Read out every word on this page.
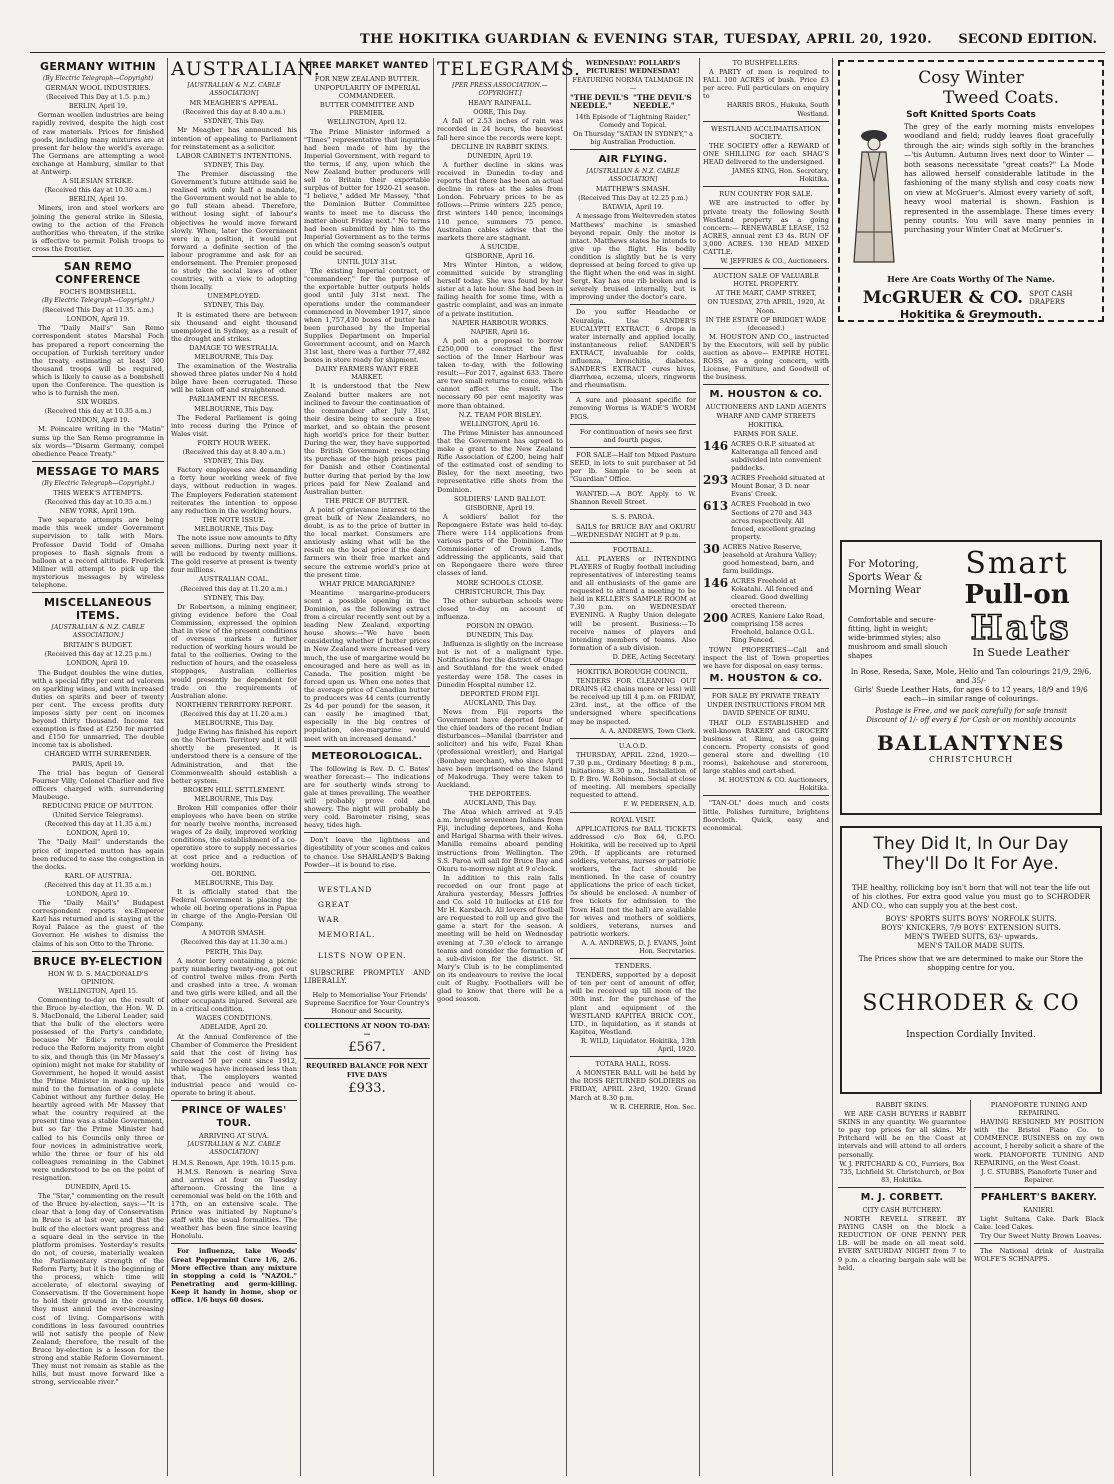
THE HOKITIKA GUARDIAN & EVENING STAR, TUESDAY, APRIL 20, 1920. SECOND EDITION.
GERMANY WITHIN
(By Electric Telegraph—Copyright)
GERMAN WOOL INDUSTRIES.
(Received This Day at 1.5. p.m.)
BERLIN, April 19.

German woollen industries are being rapidly revived, despite the high cost of raw materials. Prices for finished goods, including many mixtures are at present far below the world's average. The Germans are attempting a wool exchange at Hamburg, similar to that at Antwerp.

A SILESIAN STRIKE.
(Received this day at 10.30 a.m.)
BERLIN, April 19.

Miners, iron and steel workers are joining the general strike in Silesia, owing to the action of the French authorities who threaten, if the strike is effective to permit Polish troops to cross the frontier.

SAN REMO CONFERENCE
FOCH'S BOMBSHELL.
(By Electric Telegraph—Copyright.)
(Received This Day at 11.35. a.m.)
LONDON, April 19.

The "Daily Mail's" San Remo correspondent states Marshal Foch has prepared a report concerning the occupation of Turkish territory under the treaty, estimating at least 300 thousand troops will be required, which is likely to cause as a bombshell upon the Conference. The question is who is to furnish the men.

SIX WORDS.
(Received this day at 10.35 a.m.)
LONDON, April 19.

M. Poincaire writing in the "Matin" sums up the San Remo programme in six words—"Disarm Germany, compel obedience Peace Treaty."

MESSAGE TO MARS
(By Electric Telegraph—Copyright.)
THIS WEEK'S ATTEMPTS.
(Received this day at 10.35 a.m.)
NEW YORK, April 19th.

Two separate attempts are being made this week under Government supervision to talk with Mars. Professor David Todd of Omaha proposes to flash signals from a balloon at a record altitude. Frederick Millner will attempt to pick up the mysterious messages by wireless telephone.

MISCELLANEOUS ITEMS.
[AUSTRALIAN & N.Z. CABLE ASSOCIATION.]
BRITAIN'S BUDGET.
(Received this day at 12.25 p.m.)
LONDON, April 19.

The Budget doubles the wine duties, with a special fifty per cent ad valorem on sparkling wines, and with increased duties on spirits and beer of twenty per cent. The excess profits duty imposes sixty per cent on incomes beyond thirty thousand. Income tax exemption is fixed at £250 for married and £150 for unmarried. The double income tax is abolished.

CHARGED WITH SURRENDER.
PARIS, April 19.

The trial has begun of General Fourner Villy, Colonel Charlier and five officers charged with surrendering Maubeuge.

REDUCING PRICE OF MUTTON.
(United Service Telegrams).
(Received this day at 11.35 a.m.)
LONDON, April 19.

The "Daily Mail" understands the price of imported mutton has again been reduced to ease the congestion in the docks.

KARL OF AUSTRIA.
(Received this day at 11.35 a.m.)
LONDON, April 19.

The "Daily Mail's" Budapest correspondent reports ex-Emperor Karl has returned and is staying at the Royal Palace as the guest of the Governor. He wishes to dismiss the claims of his son Otto to the Throne.

BRUCE BY-ELECTION
HON W. D. S. MACDONALD'S OPINION.
WELLINGTON, April 15.

Commenting to-day on the result of the Bruce by-election, the Hon. W. D. S. MacDonald, the Liberal Leader, said that the bulk of the electors were possessed of the Party's candidate, because Mr Edie's return would reduce the Reform majority from eight to six, and though this (in Mr Massey's opinion) might not make for stability of Government, he hoped it would assist the Prime Minister in making up his mind to the formation of a complete Cabinet without any further delay. He heartily agreed with Mr Massey that what the country required at the present time was a stable Government, but so far the Prime Minister had called to his Councils only three or four novices in administrative work, while the three or four of his old colleagues remaining in the Cabinet were understood to be on the point of resignation.

DUNEDIN, April 15.

The "Star," commenting on the result of the Bruce by-election, says:—"It is clear that a long day of Conservatism in Bruce is at last over, and that the bulk of the electors want progress and a square deal in the service in the platform promises. Yesterday's results do not, of course, materially weaken the Parliamentary strength of the Reform Party, but it is the beginning of the process, which time will accelerate, of electoral swaying of Conservatism. If the Government hope to hold their ground in the country, they must annul the ever-increasing cost of living. Comparisons with conditions in less favoured countries will not satisfy the people of New Zealand; therefore, the result of the Bruce by-election is a lesson for the strong and stable Reform Government. They must not remain as stable as the hills, but must move forward like a strong, serviceable river."

AUSTRALIAN.
[AUSTRALIAN & N.Z. CABLE ASSOCIATION]
MR MEAGHER'S APPEAL.
(Received this day at 8.40 a.m.)
SYDNEY, This Day.

Mr Meagher has announced his intention of appealing to Parliament for reinstatement as a solicitor.

LABOR CABINET'S INTENTIONS.
SYDNEY, This Day.

The Premier discussing the Government's future attitude said he realised with only half a mandate, the Government would not be able to go full steam ahead. Therefore, without losing sight of labour's objectives he would move forward slowly. When, later the Government were in a position, it would put forward a definite section of the labour programme and ask for an endorsement. The Premier proposed to study the social laws of other countries, with a view to adopting them locally.

UNEMPLOYED.
SYDNEY, This Day.

It is estimated there are between six thousand and eight thousand unemployed in Sydney, as a result of the drought and strikes.

DAMAGE TO WESTRALIA.
MELBOURNE, This Day.

The examination of the Westralia showed three plates under No 4 hold bilge have been corrugated. These will be taken off and straightened.

PARLIAMENT IN RECESS.
MELBOURNE, This Day.

The Federal Parliament is going into recess during the Prince of Wales visit.

FORTY HOUR WEEK.
(Received this day at 8.40 a.m.)
SYDNEY, This Day.

Factory employees are demanding a forty hour working week of five days, without reduction in wages. The Employers Federation statement reiterates the intention to oppose any reduction in the working hours.

THE NOTE ISSUE.
MELBOURNE, This Day.

The note issue now amounts to fifty seven millions. During next year it will be reduced by twenty millions. The gold reserve at present is twenty four millions.

AUSTRALIAN COAL.
(Received this day at 11.20 a.m.)
SYDNEY, This Day.

Dr Robertson, a mining engineer, giving evidence before the Coal Commission, expressed the opinion that in view of the present conditions of overseas markets a further reduction of working hours would be fatal to the collieries. Owing to the reduction of hours, and the ceaseless stoppages, Australian collieries would presently be dependent for trade on the requirements of Australian alone.

NORTHERN TERRITORY REPORT.
(Received this day at 11.20 a.m.)
MELBOURNE, This Day.

Judge Ewing has finished his report on the Northern Territory and it will shortly be presented. It is understood there is a censure of the Administration, and that the Commonwealth should establish a better system.

BROKEN HILL SETTLEMENT.
MELBOURNE, This Day.

Broken Hill companies offer their employees who have been on strike for nearly twelve months, increased wages of 2s daily, improved working conditions, the establishment of a co-operative store to supply necessaries at cost price and a reduction of working hours.

OIL BORING.
MELBOURNE, This Day.

It is officially stated that the Federal Government is placing the whole oil boring operations in Papua in charge of the Anglo-Persian Oil Company.

A MOTOR SMASH.
(Received this day at 11.30 a.m.)
PERTH, This Day.

A motor lorry containing a picnic party numbering twenty-one, got out of control twelve miles from Perth and crashed into a tree. A woman and two girls were killed, and all the other occupants injured. Several are in a critical condition.

WAGES CONDITIONS.
ADELAIDE, April 20.

At the Annual Conference of the Chamber of Commerce the President said that the cost of living has increased 50 per cent since 1912, while wages have increased less than that. The employers wanted industrial peace and would co-operate to bring it about.

PRINCE OF WALES' TOUR.
ARRIVING AT SUVA.
[AUSTRALIAN & N.Z. CABLE ASSOCIATION]
H.M.S. Renown, Apr. 19th. 10.15 p.m.

H.M.S. Renown is nearing Suva and arrives at four on Tuesday afternoon. Crossing the line a ceremonial was held on the 16th and 17th, on an extensive scale. The Prince was initiated by Neptune's staff with the usual formalities. The weather has been fine since leaving Honolulu.

For influenza, take Woods' Great Peppermint Cure 1/6, 2/6. More effective than any mixture in stopping a cold is "NAZOL." Penetrating and germ-killing. Keep it handy in home, shop or office. 1/6 buys 60 doses.

FREE MARKET WANTED
FOR NEW ZEALAND BUTTER.
UNPOPULARITY OF IMPERIAL COMMANDEER.
BUTTER COMMITTEE AND PREMIER.
WELLINGTON, April 12.

The Prime Minister informed a "Times" representative that inquiries had been made of him by the Imperial Government, with regard to the terms, if any, upon which the New Zealand butter producers will sell to Britain their exportable surplus of butter for 1920-21 season. "I believe," added Mr Massey, "that the Dominion Butter Committee wants to meet me to discuss the matter about Friday next." No terms had been submitted by him to the Imperial Government as to the terms on which the coming season's output could be secured.

UNTIL JULY 31st.

The existing Imperial contract, or "commandeer," for the purpose of the exportable butter outputs holds good until July 31st next. The operations under the commandeer commenced in November 1917, since when 1,757,430 boxes of butter has been purchased by the Imperial Supplies Department on Imperial Government account, and on March 31st last, there was a further 77,482 boxes in store ready for shipment.

DAIRY FARMERS WANT FREE MARKET.

It is understood that the New Zealand butter makers are not inclined to favour the continuation of the commandeer after July 31st, their desire being to secure a free market, and so obtain the present high world's price for their butter. During the war, they have supported the British Government respecting its purchase of the high prices paid for Danish and other Continental butter during that period by the low prices paid for New Zealand and Australian butter.

THE PRICE OF BUTTER.

A point of grievance interest to the great bulk of New Zealanders, no doubt, is as to the price of butter in the local market. Consumers are anxiously asking what will be the result on the local price if the dairy farmers win their free market and secure the extreme world's price at the present time.

WHAT PRICE MARGARINE?

Meantime margarine-producers scent a possible opening in the Dominion, as the following extract from a circular recently sent out by a leading New Zealand exporting house shows:—"We have been considering whether if butter prices in New Zealand were increased very much, the use of margarine would be encouraged and here as well as in Canada. The position might be forced upon us. When one notes that the average price of Canadian butter to producers was 44 cents (currently 2s 4d per pound) for the season, it can easily be imagined that, especially in the big centres of population, oleo-margarine would meet with an increased demand."

METEOROLOGICAL.

The following is Rev. D. C. Bates' weather forecast:— The indications are for southerly winds strong to gale at times prevailing. The weather will probably prove cold and showery. The night will probably be very cold. Barometer rising, seas heavy, tides high.

Don't leave the lightness and digestibility of your scones and cakes to chance. Use SHARLAND'S Baking Powder—it is bound to rise.

WESTLAND
GREAT
WAR
MEMORIAL.
LISTS NOW OPEN.

SUBSCRIBE PROMPTLY AND LIBERALLY.

Help to Memorialise Your Friends' Supreme Sacrifice for Your Country's Honour and Security.

COLLECTIONS AT NOON TO-DAY:—
£567.
REQUIRED BALANCE FOR NEXT FIVE DAYS
£933.
TELEGRAMS.
[PER PRESS ASSOCIATION.—COPYRIGHT.]
HEAVY RAINFALL.
OORE, This Day.

A fall of 2.53 inches of rain was recorded in 24 hours, the heaviest fall here since the records were kept.

DECLINE IN RABBIT SKINS.
DUNEDIN, April 19.

A further decline in skins was received in Dunedin to-day and reports that there has been an actual decline in rates at the sales from London. February prices to be as follows:—Prime winters 225 pence, first winters 140 pence, incomings 110 pence, summers 75 pence. Australian cables advise that the markets there are stagnant.

A SUICIDE.
GISBORNE, April 16.

Mrs Winter Hinton, a widow, committed suicide by strangling herself today. She was found by her sister at a late hour. She had been in failing health for some time, with a gastric complaint, and was an inmate of a private institution.

NAPIER HARBOUR WORKS.
NAPIER, April 16.

A poll on a proposal to borrow £250,000 to construct the first section of the Inner Harbour was taken to-day, with the following result:—For 2017, against 633. There are two small returns to come, which cannot affect the result. The necessary 60 per cent majority was more than obtained.

N.Z. TEAM FOR BISLEY.
WELLINGTON, April 16.

The Prime Minister has announced that the Government has agreed to make a grant to the New Zealand Rifle Association of £200, being half of the estimated cost of sending to Bisley, for the next meeting, two representative rifle shots from the Dominion.

SOLDIERS' LAND BALLOT.
GISBORNE, April 19.

A soldiers' ballot for the Repongaere Estate was held to-day. There were 114 applications from various parts of the Dominion. The Commissioner of Crown Lands, addressing the applicants, said that on Repongaere there were three classes of land.

MORE SCHOOLS CLOSE.
CHRISTCHURCH, This Day.

The other suburban schools were closed to-day on account of influenza.

POISON IN OPAGO.
DUNEDIN, This Day.

Influenza is slightly on the increase but is not of a malignant type. Notifications for the district of Otago and Southland for the week ended yesterday were 158. The cases in Dunedin Hospital number 12.

DEPORTED FROM FIJI.
AUCKLAND, This Day.

News from Fiji reports the Government have deported four of the chief leaders of the recent Indian disturbances—Manilal (barrister and solicitor) and his wife, Fazal Khan (professional wrestler), and Harigal (Bombay merchant), who since April have been imprisoned on the Island of Makodruga. They were taken to Auckland.

THE DEPORTEES.
AUCKLAND, This Day.

The Atua which arrived at 9.45 a.m. brought seventeen Indians from Fiji, including deportees, and Koha and Harigal Sharma with their wives. Manilla remains aboard pending instructions from Wellington. The S.S. Paroa will sail for Bruce Bay and Okuru to-morrow night at 9 o'clock.

In addition to this rain falls recorded on our front page at Arahura yesterday, Messrs Jeffries and Co. sold 10 bullocks at £16 for Mr H. Karsbach. All lovers of football are requested to roll up and give the game a start for the season. A meeting will be held on Wednesday evening at 7.30 o'clock to arrange teams and consider the formation of a sub-division for the district. St. Mary's Club is to be complimented on its endeavours to revive the local cult of Rugby. Footballers will be glad to know that there will be a good season.

WEDNESDAY! POLLARD'S PICTURES! WEDNESDAY!
FEATURING NORMA TALMADGE IN—
"THE DEVIL'S NEEDLE."
"THE DEVIL'S NEEDLE."
14th Episode of "Lightning Raider," Comedy and Topical.
On Thursday "SATAN IN SYDNEY," a big Australian Production.
AIR FLYING.
[AUSTRALIAN & N.Z. CABLE ASSOCIATION]
MATTHEW'S SMASH.
(Received This Day at 12.25 p.m.)
BATAVIA, April 19.

A message from Weltevreden states Matthews' machine is smashed beyond repair. Only the motor is intact. Matthews states he intends to give up the flight. His bodily condition is slightly but he is very depressed at being forced to give up the flight when the end was in sight. Sergt. Kay has one rib broken and is severely bruised internally, but is improving under the doctor's care.

Do you suffer Headache or Neuralgia. Use SANDER'S EUCALYPTI EXTRACT. 6 drops in water internally and applied locally, instantaneous relief. SANDER'S EXTRACT, invaluable for colds, influenza, bronchitis, diabetes. SANDER'S EXTRACT cures hives, diarrhœa, eczema, ulcers, ringworm and rheumatism.

A sure and pleasant specific for removing Worms is WADE'S WORM FIGS.

For continuation of news see first and fourth pages.

FOR SALE—Half ton Mixed Pasture SEED, in lots to suit purchaser at 5d per lb. Sample to be seen at "Guardian" Office.

WANTED.—A BOY. Apply to W. Shannon Revell Street.

S. S. PAROA.

SAILS for BRUCE BAY and OKURU—WEDNESDAY NIGHT at 9 p.m.

FOOTBALL.

ALL PLAYERS or INTENDING PLAYERS of Rugby football including representatives of interesting teams and all enthusiasts of the game are requested to attend a meeting to be held in KELLER'S SAMPLE ROOM at 7.30 p.m. on WEDNESDAY EVENING. A Rugby Union delegate will be present. Business:—To receive names of players and intending members of teams. Also formation of a sub division.

D. DEE, Acting Secretary.
HOKITIKA BOROUGH COUNCIL.

TENDERS FOR CLEANING OUT DRAINS (42 chains more or less) will be received up till 4 p.m. on FRIDAY, 23rd. inst., at the office of the undersigned where specifications may be inspected.

A. A. ANDREWS, Town Clerk.
U.A.O.D.

THURSDAY, APRIL 22nd, 1920:—7.30 p.m., Ordinary Meeting; 8 p.m., Initiations; 8.30 p.m., Installation of D. P. Bro. W. Robinson. Social at close of meeting. All members specially requested to attend.

F. W. PEDERSEN, A.D.
ROYAL VISIT.

APPLICATIONS for BALL TICKETS addressed c/o Box 64, G.P.O. Hokitika, will be received up to April 29th. If applicants are returned soldiers, veterans, nurses or patriotic workers, the fact should be mentioned. In the case of country applications the price of each ticket, 5s should be enclosed. A number of free tickets for admission to the Town Hall (not the ball) are available for wives and mothers of soldiers, soldiers, veterans, nurses and patriotic workers.

A. A. ANDREWS, D. J. EVANS, Joint Hon. Secretaries.
TENDERS.

TENDERS, supported by a deposit of ten per cent of amount of offer, will be received up till noon of the 30th inst. for the purchase of the plant and equipment of the WESTLAND KAPITEA BRICK COY., LTD., in liquidation, as it stands at Kapitea, Westland.

R. WILD, Liquidator. Hokitika, 13th April, 1920.
TOTARA HALL, ROSS.

A MONSTER BALL will be held by the ROSS RETURNED SOLDIERS on FRIDAY, APRIL 23rd, 1920. Grand March at 8.30 p.m.

W. R. CHERRIE, Hon. Sec.
TO BUSHFELLERS.

A PARTY of men is required to FALL 100 ACRES of bush. Price £3 per acre. Full particulars on enquiry to

HARRIS BROS., Hukuka, South Westland.
WESTLAND ACCLIMATISATION SOCIETY.

THE SOCIETY offer a REWARD of ONE SHILLING for each SHAG'S HEAD delivered to the undersigned.

JAMES KING, Hon. Secretary, Hokitika.
RUN COUNTRY FOR SALE.

WE are instructed to offer by private treaty the following South Westland property as a going concern:— RENEWABLE LEASE, 152 ACRES, annual rent £3 4s. RUN OF 3,000 ACRES. 130 HEAD MIXED CATTLE.

W. JEFFRIES & CO., Auctioneers.
AUCTION SALE OF VALUABLE HOTEL PROPERTY.
AT THE MART, CAMP STREET,
ON TUESDAY, 27th APRIL, 1920, At Noon.
IN THE ESTATE OF BRIDGET WADE (deceased.)

M. HOUSTON AND CO., instructed by the Executors, will sell by public auction as above— EMPIRE HOTEL ROSS, as a going concern, with License, Furniture, and Goodwill of the business.

M. HOUSTON & CO.
AUCTIONEERS AND LAND AGENTS
WHARF AND CAMP STREETS HOKITIKA.
FARMS FOR SALE.
146 ACRES O.R.P. situated at Kaiteranga all fenced and subdivided into convenient paddocks.
293 ACRES Freehold situated at Mount Bonar, 3 D. near Evans' Creek.
613 ACRES Freehold in two Sections of 270 and 343 acres respectively. All fenced, excellent grazing property.
30 ACRES Native Reserve, leasehold at Arahura Valley; good homestead, barn, and farm buildings.
146 ACRES Freehold at Kokatahi. All fenced and cleared. Good dwelling erected thereon.
200 ACRES, Kaniere Lake Road, comprising 158 acres Freehold, balance O.G.L. Ring Fenced.

TOWN PROPERTIES—Call and inspect the list of Town properties we have for disposal on easy terms.

M. HOUSTON & CO.
FOR SALE BY PRIVATE TREATY
UNDER INSTRUCTIONS FROM MR DAVID SPENCE OF RIMU.

THAT OLD ESTABLISHED and well-known BAKERY and GROCERY business at Rimu, as a going concern. Property consists of good general store and dwelling (10 rooms), bakehouse and storeroom, large stables and cart-shed.

M. HOUSTON & CO. Auctioneers, Hokitika.

"TAN-OL" does much and costs little. Polishes furniture, brightens floorcloth. Quick, easy and economical.

Cosy Winter
Tweed Coats.
Soft Knitted Sports Coats
The grey of the early morning mists envelopes woodland and field; ruddy leaves float gracefully through the air; winds sigh softly in the branches—'tis Autumn. Autumn lives next door to Winter — both seasons necessitate "great coats?" La Mode has allowed herself considerable latitude in the fashioning of the many stylish and cosy coats now on view at McGruer's. Almost every variety of soft, heavy wool material is shown. Fashion is represented in the assemblage. These times every penny counts. You will save many pennies in purchasing your Winter Coat at McGruer's.
Here Are Coats Worthy Of The Name.
McGRUER & CO. SPOT CASH DRAPERS
Hokitika & Greymouth.
For Motoring, Sports Wear & Morning Wear
Smart
Pull-on
Comfortable and secure-fitting, light in weight; wide-brimmed styles; also mushroom and small slouch shapes
Hats
In Suede Leather
In Rose, Reseda, Saxe, Mole, Helio and Tan colourings 21/9, 29/6, and 35/-
Girls' Suede Leather Hats, for ages 6 to 12 years, 18/9 and 19/6 each—in similar range of colourings.
Postage is Free, and we pack carefully for safe transit
Discount of 1/- off every £ for Cash or on monthly accounts
BALLANTYNES
CHRISTCHURCH
They Did It, In Our Day
They'll Do It For Aye.
THE healthy, rollicking boy isn't born that will not tear the life out of his clothes. For extra good value you must go to SCHRODER AND CO., who can supply you at the best cost.
BOYS' SPORTS SUITS BOYS' NORFOLK SUITS.
BOYS' KNICKERS, 7/9 BOYS' EXTENSION SUITS.
MEN'S TWEED SUITS, 63/- upwards.
MEN'S TAILOR MADE SUITS.
The Prices show that we are determined to make our Store the shopping centre for you.
SCHRODER & CO
Inspection Cordially Invited.
RABBIT SKINS.

WE ARE CASH BUYERS if RABBIT SKINS in any quantity. We guarantee to pay top prices for all skins. Mr Pritchard will be on the Coast at intervals and will attend to all orders personally.

W. J. PRITCHARD & CO., Furriers, Box 735, Lichfield St. Christchurch, or Box 83, Hokitika.
M. J. CORBETT.
CITY CASH BUTCHERY.

NORTH REVELL STREET. BY PAYING CASH on the block a REDUCTION OF ONE PENNY PER LB. will be made on all meat sold. EVERY SATURDAY NIGHT from 7 to 9 p.m. a clearing bargain sale will be held.

PIANOFORTE TUNING AND REPAIRING.

HAVING RESIGNED MY POSITION with the Bristol Piano Co. to COMMENCE BUSINESS on my own account, I hereby solicit a share of the work. PIANOFORTE TUNING AND REPAIRING, on the West Coast.

J. C. STUBBS, Pianoforte Tuner and Repairer.
PFAHLERT'S BAKERY.
KANIERI.

Light Sultana Cake. Dark Black Cake. Iced Cakes.

Try Our Sweet Nutty Brown Loaves.

The National drink of Australia WOLFE'S SCHNAPPS.
